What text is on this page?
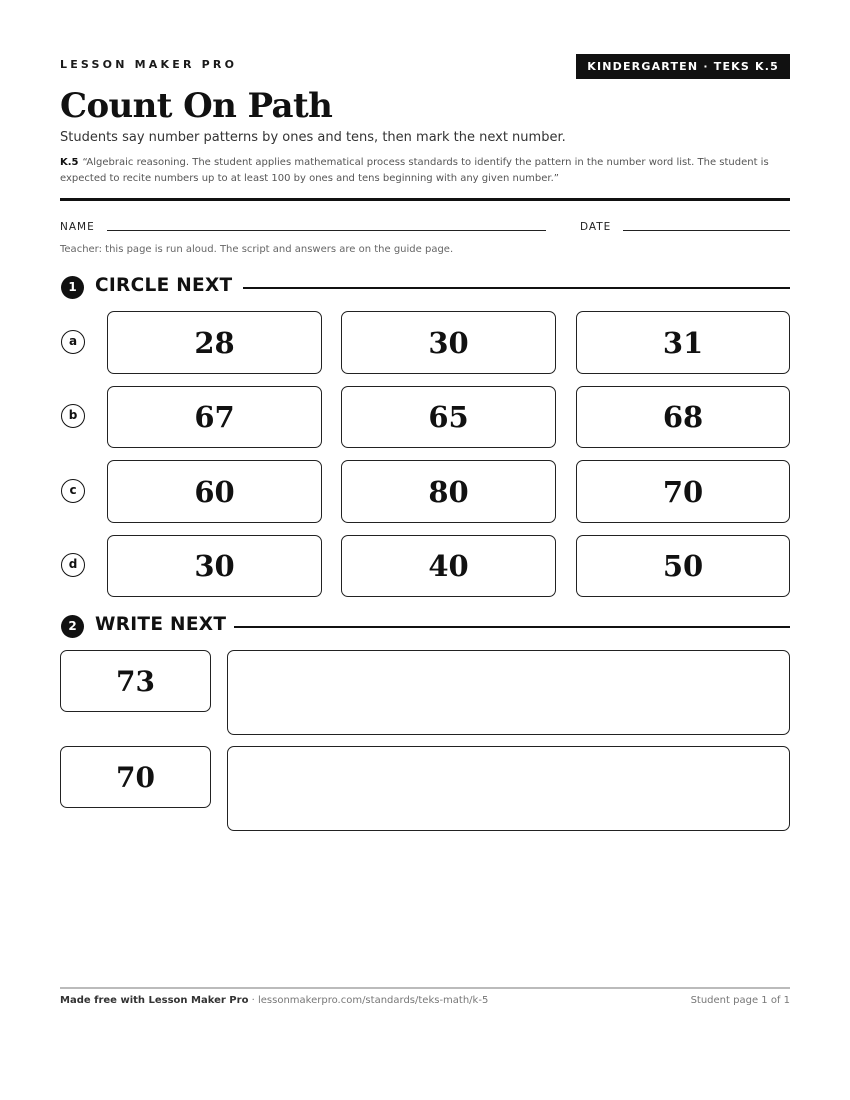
LESSON MAKER PRO	KINDERGARTEN · TEKS K.5
Count On Path
Students say number patterns by ones and tens, then mark the next number.
K.5 “Algebraic reasoning. The student applies mathematical process standards to identify the pattern in the number word list. The student is expected to recite numbers up to at least 100 by ones and tens beginning with any given number.”
NAME	DATE
Teacher: this page is run aloud. The script and answers are on the guide page.
1 CIRCLE NEXT
a	28	30	31
b	67	65	68
c	60	80	70
d	30	40	50
2 WRITE NEXT
73
70
Made free with Lesson Maker Pro · lessonmakerpro.com/standards/teks-math/k-5	Student page 1 of 1
